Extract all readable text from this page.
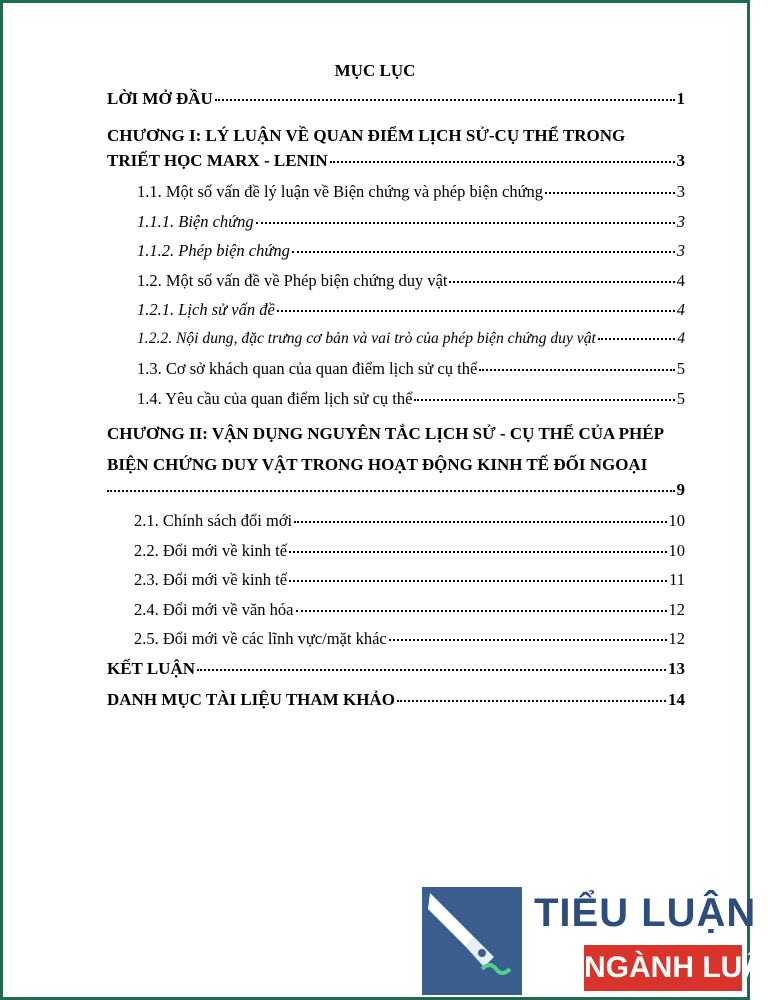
MỤC LỤC
LỜI MỞ ĐẦU	1
CHƯƠNG I: LÝ LUẬN VỀ QUAN ĐIỂM LỊCH SỬ-CỤ THỂ TRONG
TRIẾT HỌC MARX - LENIN	3
1.1. Một số vấn đề lý luận về Biện chứng và phép biện chứng	3
1.1.1. Biện chứng	3
1.1.2. Phép biện chứng	3
1.2. Một số vấn đề về Phép biện chứng duy vật	4
1.2.1. Lịch sử vấn đề	4
1.2.2. Nội dung, đặc trưng cơ bản và vai trò của phép biện chứng duy vật	4
1.3. Cơ sở khách quan của quan điểm lịch sử cụ thể	5
1.4. Yêu cầu của quan điểm lịch sử cụ thể	5
CHƯƠNG II: VẬN DỤNG NGUYÊN TẮC LỊCH SỬ - CỤ THỂ CỦA PHÉP
BIỆN CHỨNG DUY VẬT TRONG HOẠT ĐỘNG KINH TẾ ĐỐI NGOẠI
9
2.1. Chính sách đổi mới	10
2.2. Đổi mới về kinh tế	10
2.3. Đổi mới về kinh tế	11
2.4. Đổi mới về văn hóa	12
2.5. Đổi mới về các lĩnh vực/mặt khác	12
KẾT LUẬN	13
DANH MỤC TÀI LIỆU THAM KHẢO	14
TIỂU LUẬN
NGÀNH LUẬT
